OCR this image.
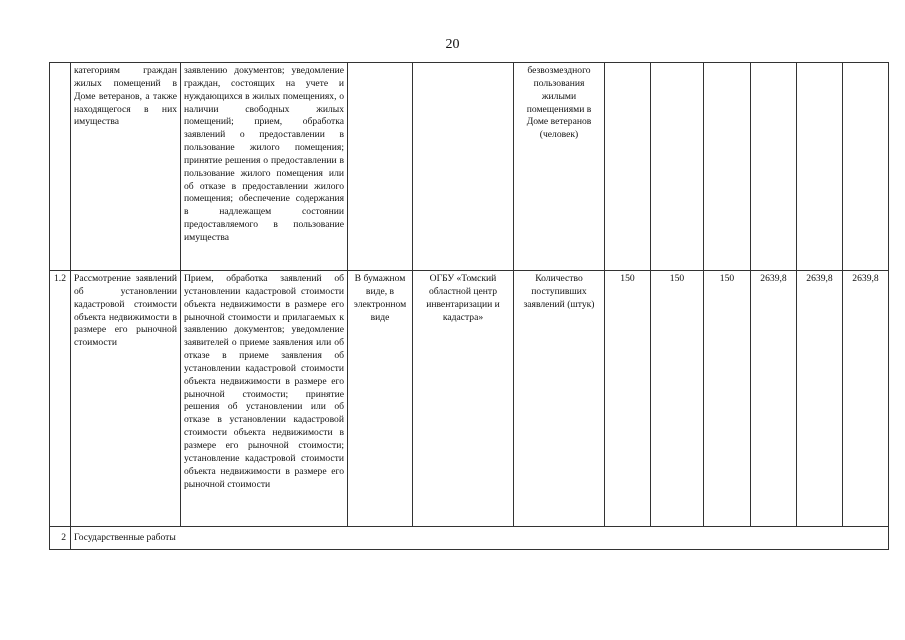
20
	категориям граждан жилых помещений в Доме ветеранов, а также находящегося в них имущества	заявлению документов; уведомление граждан, состоящих на учете и нуждающихся в жилых помещениях, о наличии свободных жилых помещений; прием, обработка заявлений о предоставлении в пользование жилого помещения; принятие решения о предоставлении в пользование жилого помещения или об отказе в предоставлении жилого помещения; обеспечение содержания в надлежащем состоянии предоставляемого в пользование имущества			безвозмездного пользования жилыми помещениями в Доме ветеранов (человек)						
1.2	Рассмотрение заявлений об установлении кадастровой стоимости объекта недвижимости в размере его рыночной стоимости	Прием, обработка заявлений об установлении кадастровой стоимости объекта недвижимости в размере его рыночной стоимости и прилагаемых к заявлению документов; уведомление заявителей о приеме заявления или об отказе в приеме заявления об установлении кадастровой стоимости объекта недвижимости в размере его рыночной стоимости; принятие решения об установлении или об отказе в установлении кадастровой стоимости объекта недвижимости в размере его рыночной стоимости; установление кадастровой стоимости объекта недвижимости в размере его рыночной стоимости	В бумажном виде, в электронном виде	ОГБУ «Томский областной центр инвентаризации и кадастра»	Количество поступивших заявлений (штук)	150	150	150	2639,8	2639,8	2639,8
2	Государственные работы										
